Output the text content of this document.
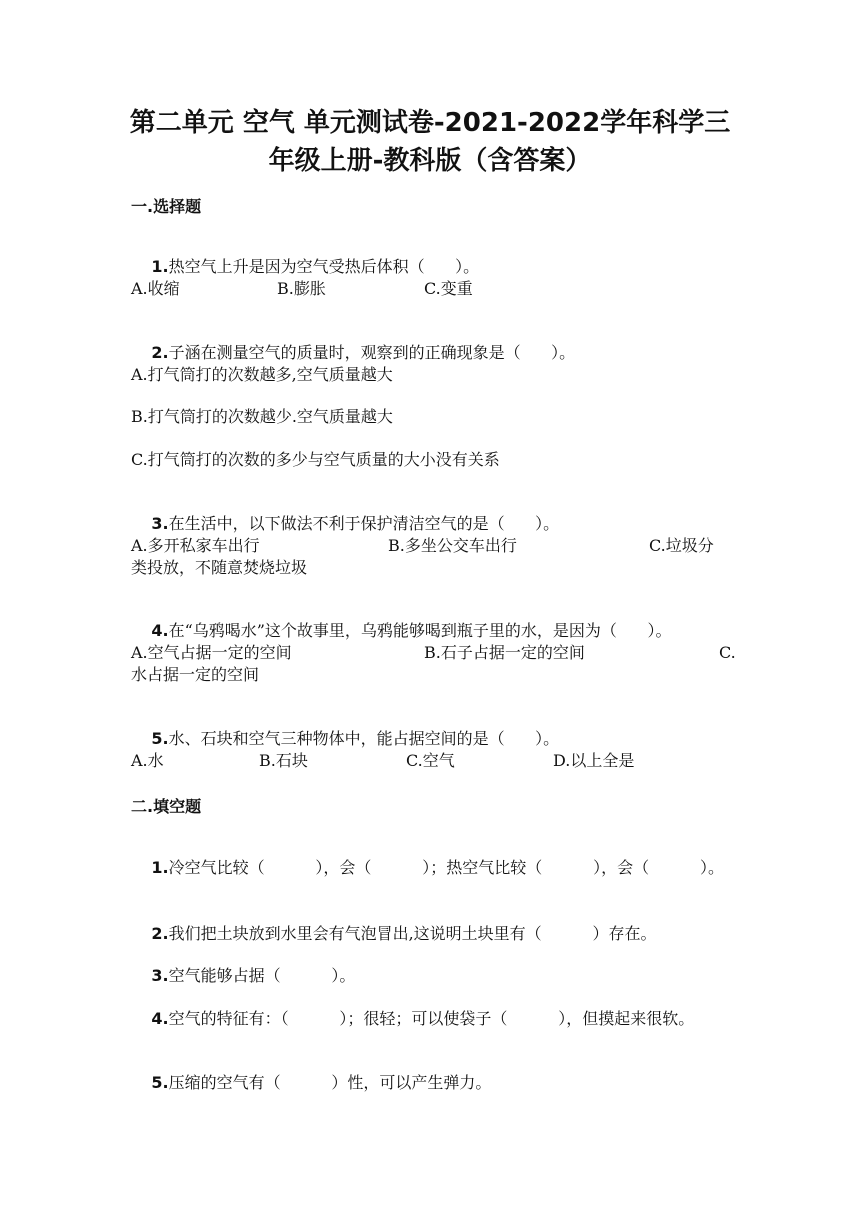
第二单元 空气 单元测试卷-2021-2022学年科学三
年级上册-教科版（含答案）
一.选择题

1.热空气上升是因为空气受热后体积（      ）。

A.收缩	B.膨胀	C.变重

2.子涵在测量空气的质量时，观察到的正确现象是（      ）。

A.打气筒打的次数越多,空气质量越大
B.打气筒打的次数越少.空气质量越大
C.打气筒打的次数的多少与空气质量的大小没有关系

3.在生活中，以下做法不利于保护清洁空气的是（      ）。

A.多开私家车出行	B.多坐公交车出行	C.垃圾分类投放，不随意焚烧垃圾

4.在“乌鸦喝水”这个故事里，乌鸦能够喝到瓶子里的水，是因为（      ）。

A.空气占据一定的空间	B.石子占据一定的空间	C.水占据一定的空间

5.水、石块和空气三种物体中，能占据空间的是（      ）。

A.水	B.石块	C.空气	D.以上全是
二.填空题

1.冷空气比较（          ），会（          ）；热空气比较（          ），会（          ）。

2.我们把土块放到水里会有气泡冒出,这说明土块里有（          ）存在。

3.空气能够占据（          ）。

4.空气的特征有：（          ）；很轻；可以使袋子（          ），但摸起来很软。

5.压缩的空气有（          ）性，可以产生弹力。
